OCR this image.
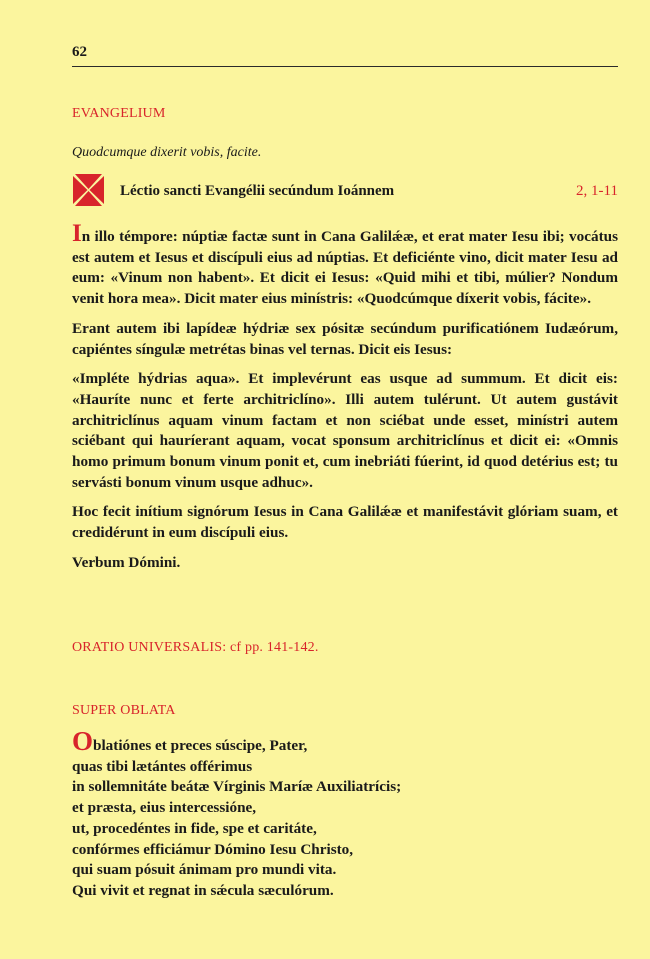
62
EVANGELIUM
Quodcumque dixerit vobis, facite.
Léctio sancti Evangélii secúndum Ioánnem	2, 1-11

In illo témpore: núptiæ factæ sunt in Cana Galilǽæ, et erat mater Iesu ibi; vocátus est autem et Iesus et discípuli eius ad núptias. Et deficiénte vino, dicit mater Iesu ad eum: «Vinum non habent». Et dicit ei Iesus: «Quid mihi et tibi, múlier? Nondum venit hora mea». Dicit mater eius minístris: «Quodcúmque díxerit vobis, fácite».

Erant autem ibi lapídeæ hýdriæ sex pósitæ secúndum purificatiónem Iudæórum, capiéntes síngulæ metrétas binas vel ternas. Dicit eis Iesus:

«Impléte hýdrias aqua». Et implevérunt eas usque ad summum. Et dicit eis: «Hauríte nunc et ferte architriclíno». Illi autem tulérunt. Ut autem gustávit architriclínus aquam vinum factam et non sciébat unde esset, minístri autem sciébant qui hauríerant aquam, vocat sponsum architriclínus et dicit ei: «Omnis homo primum bonum vinum ponit et, cum inebriáti fúerint, id quod detérius est; tu servásti bonum vinum usque adhuc».

Hoc fecit inítium signórum Iesus in Cana Galilǽæ et manifestávit glóriam suam, et credidérunt in eum discípuli eius.

Verbum Dómini.

ORATIO UNIVERSALIS: cf pp. 141-142.
SUPER OBLATA
Oblatiónes et preces súscipe, Pater,
quas tibi lætántes offérimus
in sollemnitáte beátæ Vírginis Maríæ Auxiliatrícis;
et præsta, eius intercessióne,
ut, procedéntes in fide, spe et caritáte,
confórmes efficiámur Dómino Iesu Christo,
qui suam pósuit ánimam pro mundi vita.
Qui vivit et regnat in sǽcula sæculórum.
